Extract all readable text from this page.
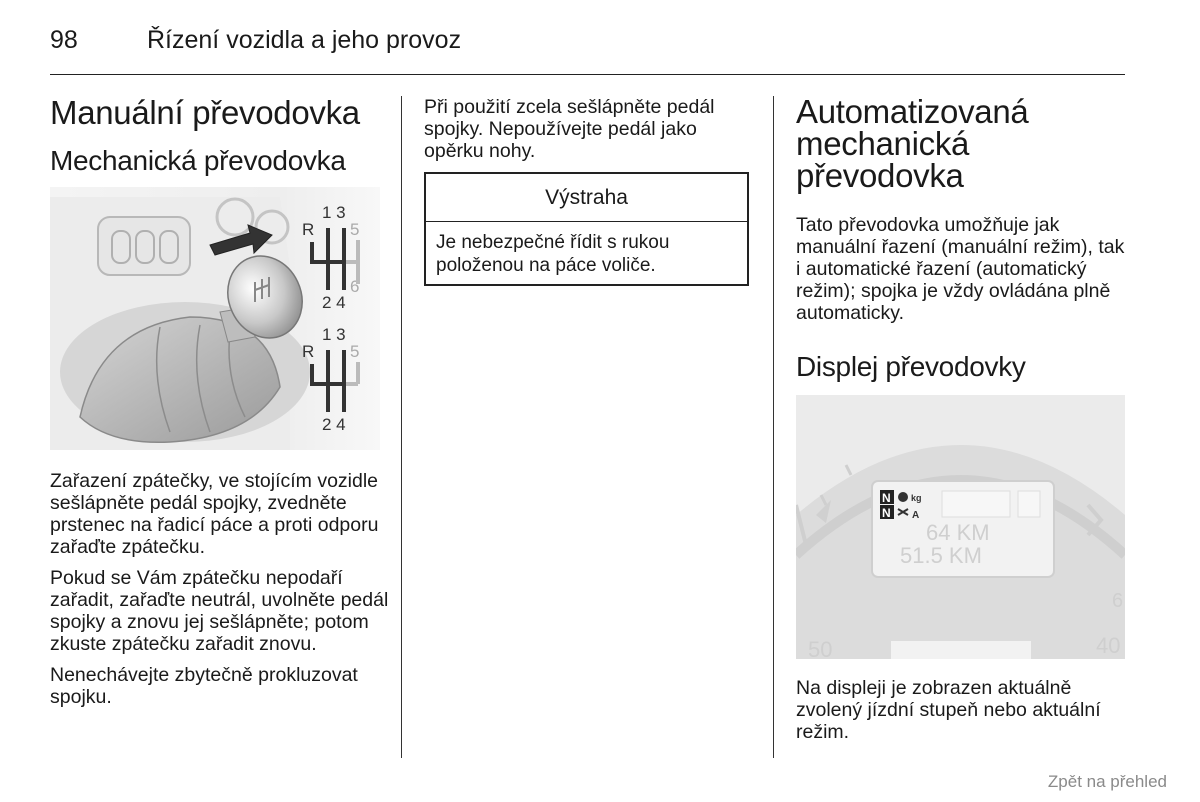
98	Řízení vozidla a jeho provoz
Manuální převodovka
Mechanická převodovka
1 3
R 5
6
2 4
1 3
R 5
2 4

Zařazení zpátečky, ve stojícím vozidle sešlápněte pedál spojky, zvedněte prstenec na řadicí páce a proti odporu zařaďte zpátečku.

Pokud se Vám zpátečku nepodaří zařadit, zařaďte neutrál, uvolněte pedál spojky a znovu jej sešlápněte; potom zkuste zpátečku zařadit znovu.

Nenechávejte zbytečně prokluzovat spojku.

Při použití zcela sešlápněte pedál spojky. Nepoužívejte pedál jako opěrku nohy.

Výstraha
Je nebezpečné řídit s rukou položenou na páce voliče.
Automatizovaná mechanická převodovka

Tato převodovka umožňuje jak manuální řazení (manuální režim), tak i automatické řazení (automatický režim); spojka je vždy ovládána plně automaticky.

Displej převodovky
N
N
kg
A
64 KM
51.5 KM
50	40
6

Na displeji je zobrazen aktuálně zvolený jízdní stupeň nebo aktuální režim.

Zpět na přehled
